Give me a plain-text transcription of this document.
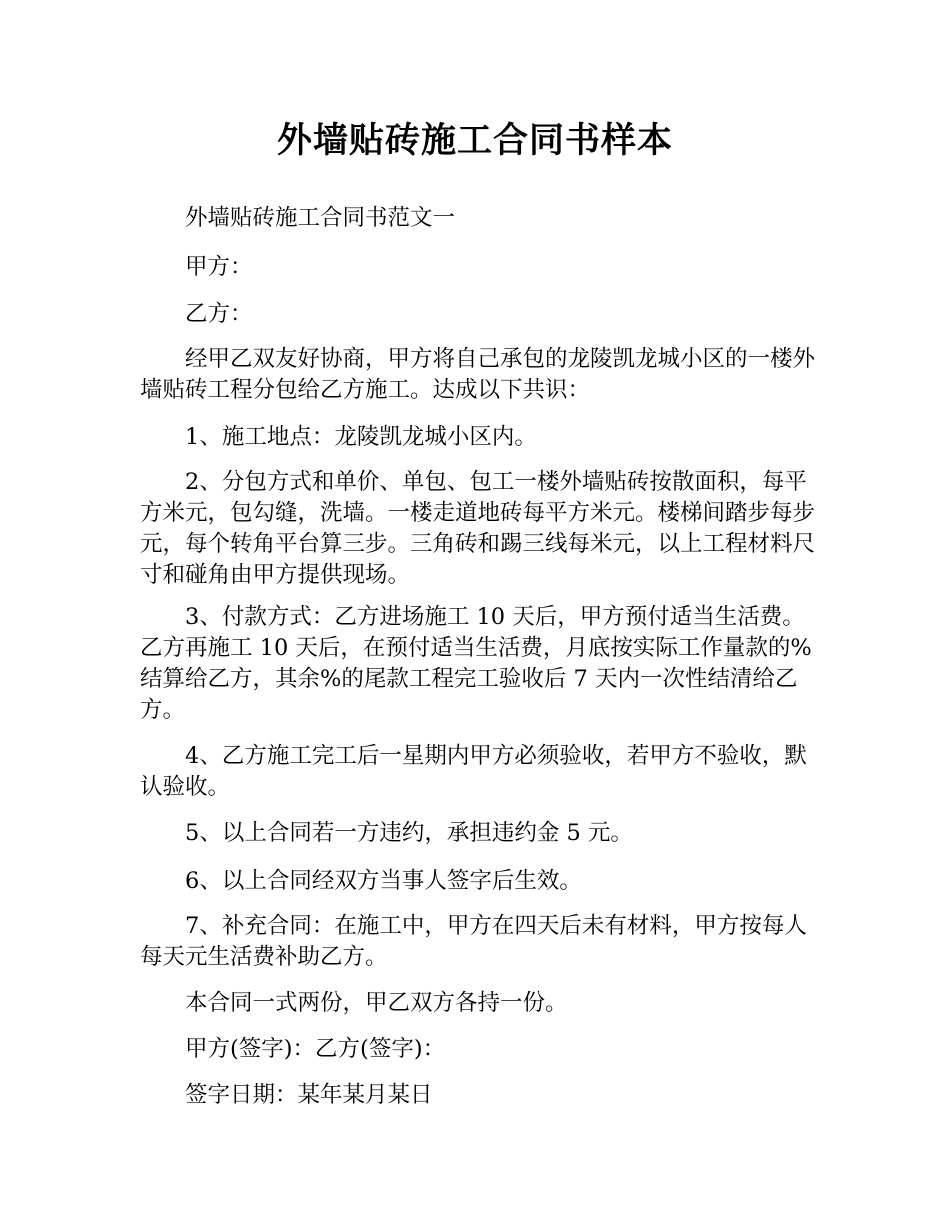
外墙贴砖施工合同书样本

外墙贴砖施工合同书范文一

甲方：

乙方：

经甲乙双友好协商，甲方将自己承包的龙陵凯龙城小区的一楼外墙贴砖工程分包给乙方施工。达成以下共识：

1、施工地点：龙陵凯龙城小区内。

2、分包方式和单价、单包、包工一楼外墙贴砖按散面积，每平方米元，包勾缝，洗墙。一楼走道地砖每平方米元。楼梯间踏步每步元，每个转角平台算三步。三角砖和踢三线每米元，以上工程材料尺寸和碰角由甲方提供现场。

3、付款方式：乙方进场施工 10 天后，甲方预付适当生活费。乙方再施工 10 天后，在预付适当生活费，月底按实际工作量款的%结算给乙方，其余%的尾款工程完工验收后 7 天内一次性结清给乙方。

4、乙方施工完工后一星期内甲方必须验收，若甲方不验收，默认验收。

5、以上合同若一方违约，承担违约金 5 元。

6、以上合同经双方当事人签字后生效。

7、补充合同：在施工中，甲方在四天后未有材料，甲方按每人每天元生活费补助乙方。

本合同一式两份，甲乙双方各持一份。

甲方(签字)：乙方(签字)：

签字日期：某年某月某日
